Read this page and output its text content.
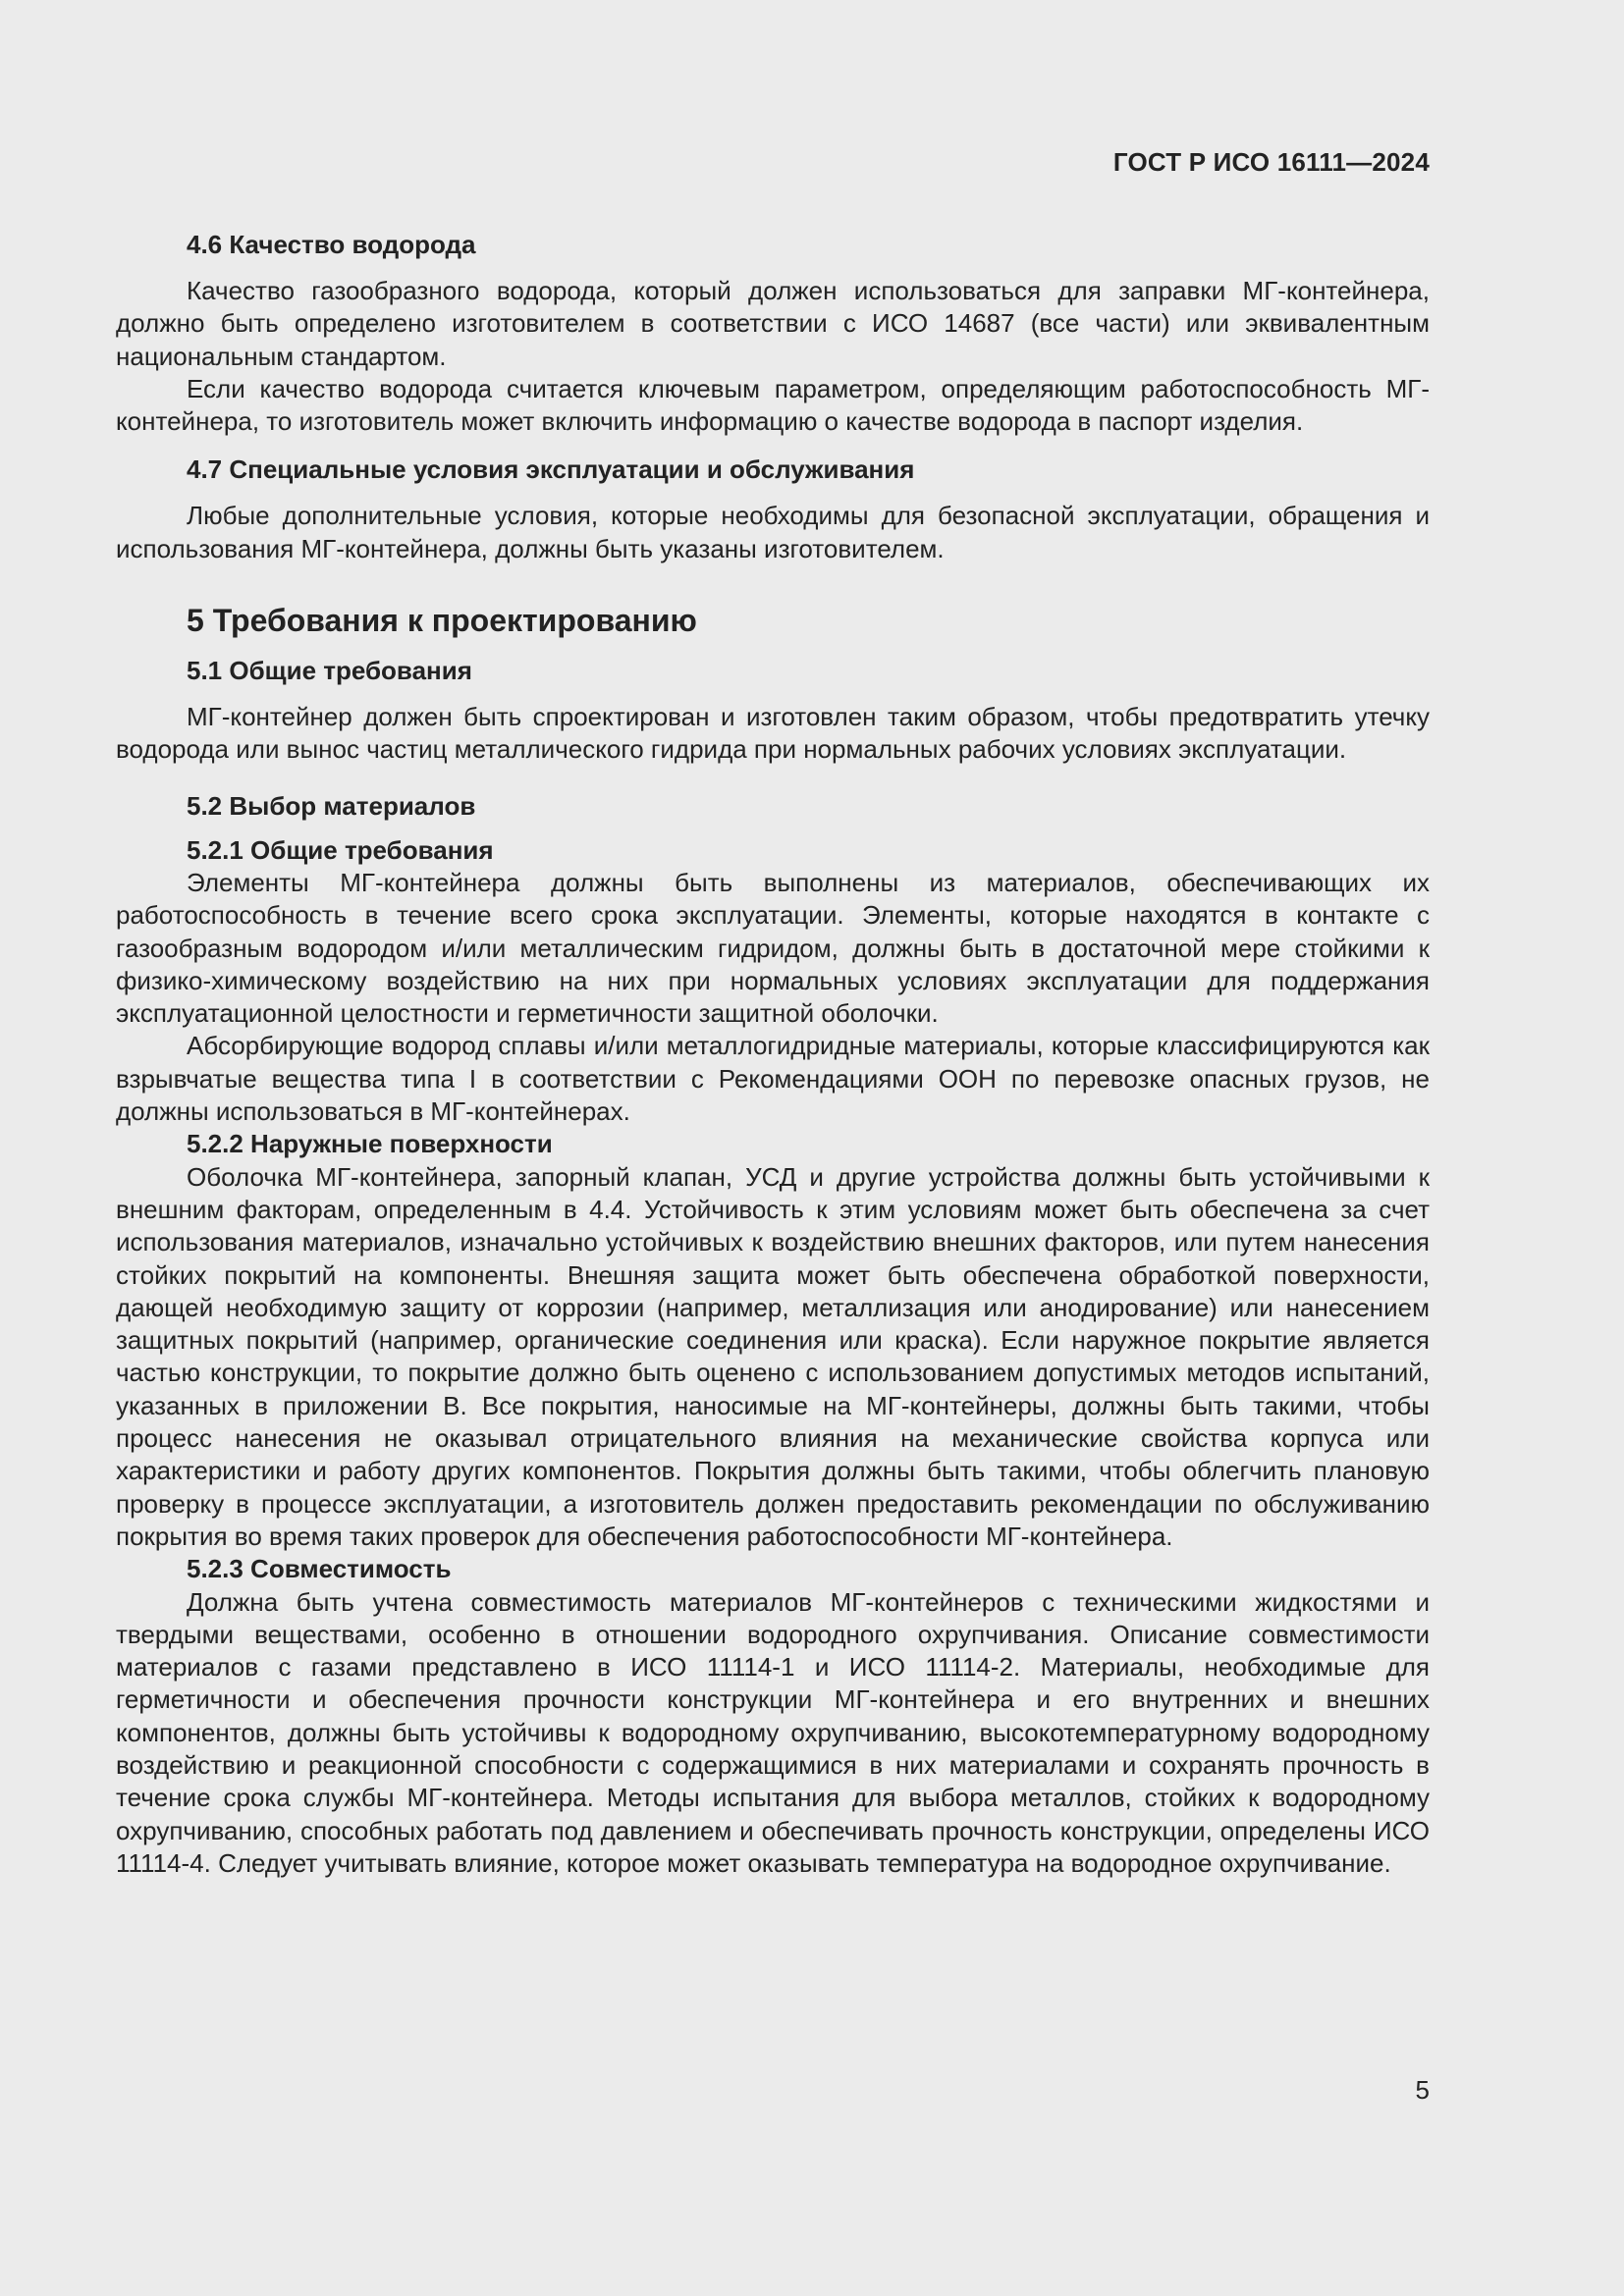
ГОСТ Р ИСО 16111—2024
4.6 Качество водорода
Качество газообразного водорода, который должен использоваться для заправки МГ-контейнера, должно быть определено изготовителем в соответствии с ИСО 14687 (все части) или эквивалентным национальным стандартом.
Если качество водорода считается ключевым параметром, определяющим работоспособность МГ-контейнера, то изготовитель может включить информацию о качестве водорода в паспорт изделия.
4.7 Специальные условия эксплуатации и обслуживания
Любые дополнительные условия, которые необходимы для безопасной эксплуатации, обращения и использования МГ-контейнера, должны быть указаны изготовителем.
5 Требования к проектированию
5.1 Общие требования
МГ-контейнер должен быть спроектирован и изготовлен таким образом, чтобы предотвратить утечку водорода или вынос частиц металлического гидрида при нормальных рабочих условиях эксплуатации.
5.2 Выбор материалов
5.2.1 Общие требования
Элементы МГ-контейнера должны быть выполнены из материалов, обеспечивающих их работоспособность в течение всего срока эксплуатации. Элементы, которые находятся в контакте с газообразным водородом и/или металлическим гидридом, должны быть в достаточной мере стойкими к физико-химическому воздействию на них при нормальных условиях эксплуатации для поддержания эксплуатационной целостности и герметичности защитной оболочки.
Абсорбирующие водород сплавы и/или металлогидридные материалы, которые классифицируются как взрывчатые вещества типа I в соответствии с Рекомендациями ООН по перевозке опасных грузов, не должны использоваться в МГ-контейнерах.
5.2.2 Наружные поверхности
Оболочка МГ-контейнера, запорный клапан, УСД и другие устройства должны быть устойчивыми к внешним факторам, определенным в 4.4. Устойчивость к этим условиям может быть обеспечена за счет использования материалов, изначально устойчивых к воздействию внешних факторов, или путем нанесения стойких покрытий на компоненты. Внешняя защита может быть обеспечена обработкой поверхности, дающей необходимую защиту от коррозии (например, металлизация или анодирование) или нанесением защитных покрытий (например, органические соединения или краска). Если наружное покрытие является частью конструкции, то покрытие должно быть оценено с использованием допустимых методов испытаний, указанных в приложении В. Все покрытия, наносимые на МГ-контейнеры, должны быть такими, чтобы процесс нанесения не оказывал отрицательного влияния на механические свойства корпуса или характеристики и работу других компонентов. Покрытия должны быть такими, чтобы облегчить плановую проверку в процессе эксплуатации, а изготовитель должен предоставить рекомендации по обслуживанию покрытия во время таких проверок для обеспечения работоспособности МГ-контейнера.
5.2.3 Совместимость
Должна быть учтена совместимость материалов МГ-контейнеров с техническими жидкостями и твердыми веществами, особенно в отношении водородного охрупчивания. Описание совместимости материалов с газами представлено в ИСО 11114-1 и ИСО 11114-2. Материалы, необходимые для герметичности и обеспечения прочности конструкции МГ-контейнера и его внутренних и внешних компонентов, должны быть устойчивы к водородному охрупчиванию, высокотемпературному водородному воздействию и реакционной способности с содержащимися в них материалами и сохранять прочность в течение срока службы МГ-контейнера. Методы испытания для выбора металлов, стойких к водородному охрупчиванию, способных работать под давлением и обеспечивать прочность конструкции, определены ИСО 11114-4. Следует учитывать влияние, которое может оказывать температура на водородное охрупчивание.
5
